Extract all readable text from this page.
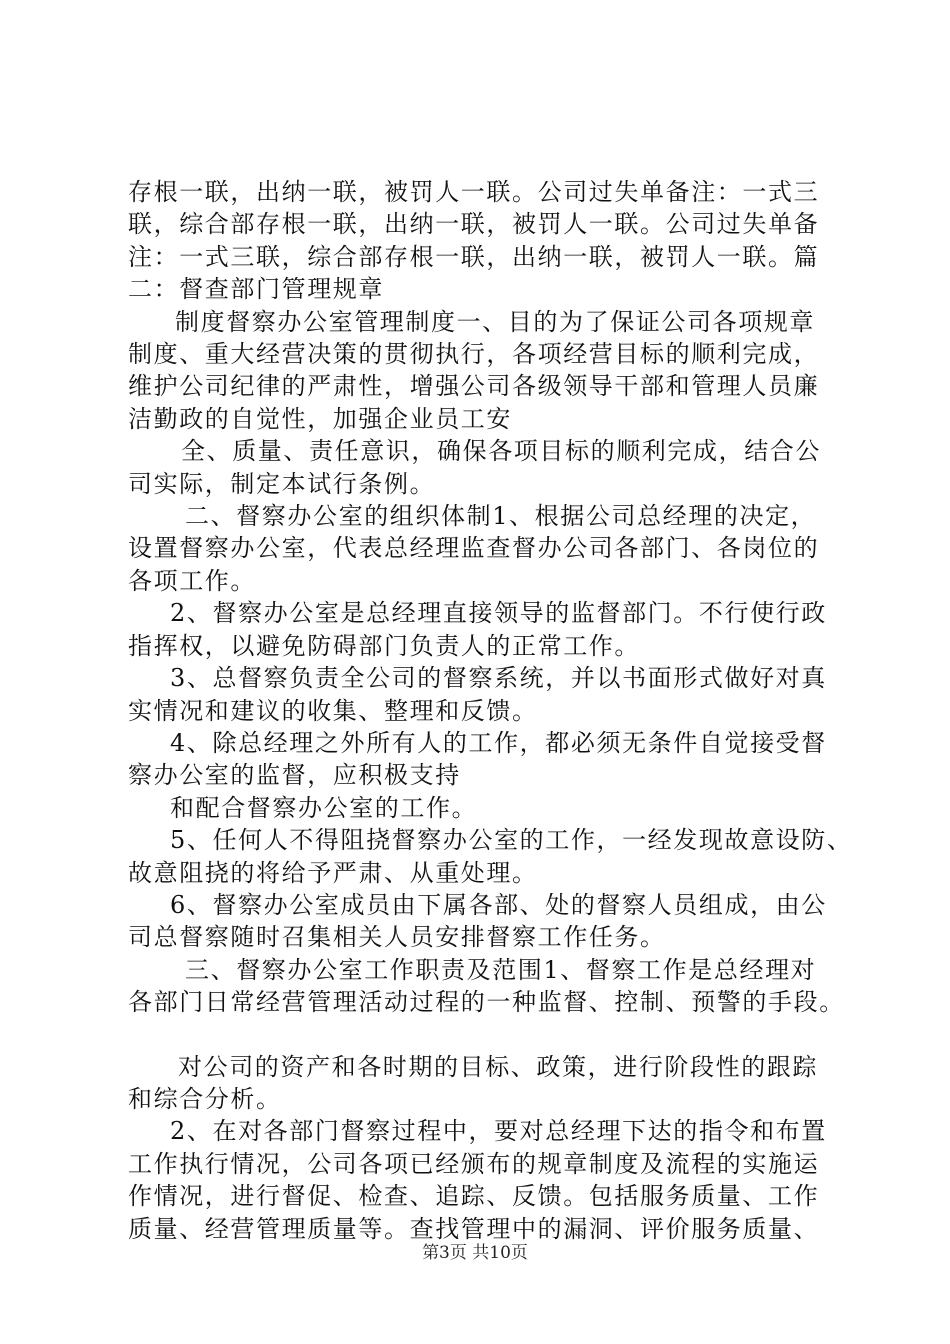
存根一联，出纳一联，被罚人一联。公司过失单备注：一式三
联，综合部存根一联，出纳一联，被罚人一联。公司过失单备
注：一式三联，综合部存根一联，出纳一联，被罚人一联。篇
二：督查部门管理规章
制度督察办公室管理制度一、目的为了保证公司各项规章
制度、重大经营决策的贯彻执行，各项经营目标的顺利完成，
维护公司纪律的严肃性，增强公司各级领导干部和管理人员廉
洁勤政的自觉性，加强企业员工安
全、质量、责任意识，确保各项目标的顺利完成，结合公
司实际，制定本试行条例。
二、督察办公室的组织体制1、根据公司总经理的决定，
设置督察办公室，代表总经理监查督办公司各部门、各岗位的
各项工作。
2、督察办公室是总经理直接领导的监督部门。不行使行政
指挥权，以避免防碍部门负责人的正常工作。
3、总督察负责全公司的督察系统，并以书面形式做好对真
实情况和建议的收集、整理和反馈。
4、除总经理之外所有人的工作，都必须无条件自觉接受督
察办公室的监督，应积极支持
和配合督察办公室的工作。
5、任何人不得阻挠督察办公室的工作，一经发现故意设防、
故意阻挠的将给予严肃、从重处理。
6、督察办公室成员由下属各部、处的督察人员组成，由公
司总督察随时召集相关人员安排督察工作任务。
三、督察办公室工作职责及范围1、督察工作是总经理对
各部门日常经营管理活动过程的一种监督、控制、预警的手段。
对公司的资产和各时期的目标、政策，进行阶段性的跟踪
和综合分析。
2、在对各部门督察过程中，要对总经理下达的指令和布置
工作执行情况，公司各项已经颁布的规章制度及流程的实施运
作情况，进行督促、检查、追踪、反馈。包括服务质量、工作
质量、经营管理质量等。查找管理中的漏洞、评价服务质量、
第3页 共10页
